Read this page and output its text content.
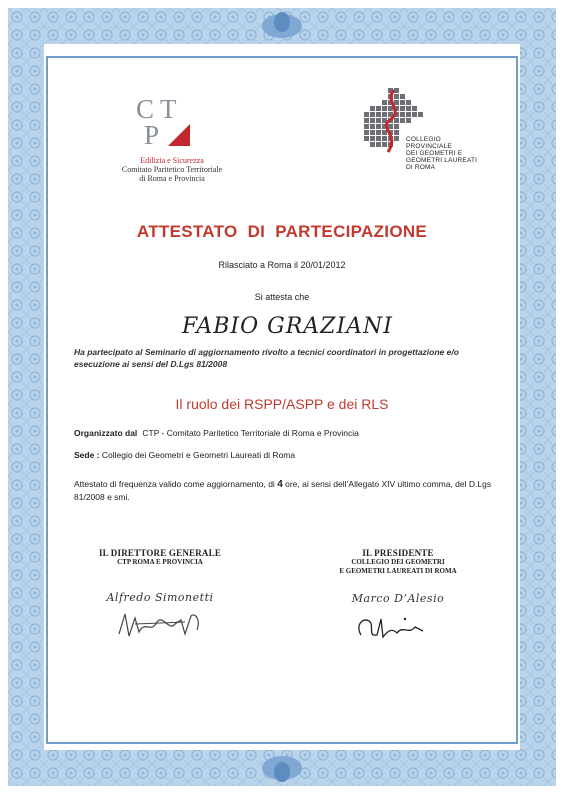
CT
P
Edilizia e Sicurezza
Comitato Paritetico Territoriale
di Roma e Provincia
COLLEGIO
PROVINCIALE
DEI GEOMETRI E
GEOMETRI LAUREATI
DI ROMA
ATTESTATO  DI  PARTECIPAZIONE
Rilasciato a Roma il 20/01/2012
Si attesta che
FABIO GRAZIANI
Ha partecipato al Seminario di aggiornamento rivolto a tecnici coordinatori in progettazione e/o esecuzione ai sensi del D.Lgs 81/2008
Il ruolo dei RSPP/ASPP e dei RLS
Organizzato dal CTP - Comitato Paritetico Territoriale di Roma e Provincia
Sede : Collegio dei Geometri e Geometri Laureati di Roma
Attestato di frequenza valido come aggiornamento, di 4 ore, ai sensi dell’Allegato XIV ultimo comma, del D.Lgs 81/2008 e smi.
IL DIRETTORE GENERALE
CTP ROMA E PROVINCIA
Alfredo Simonetti
IL PRESIDENTE
COLLEGIO DEI GEOMETRI
E GEOMETRI LAUREATI DI ROMA
Marco D’Alesio
